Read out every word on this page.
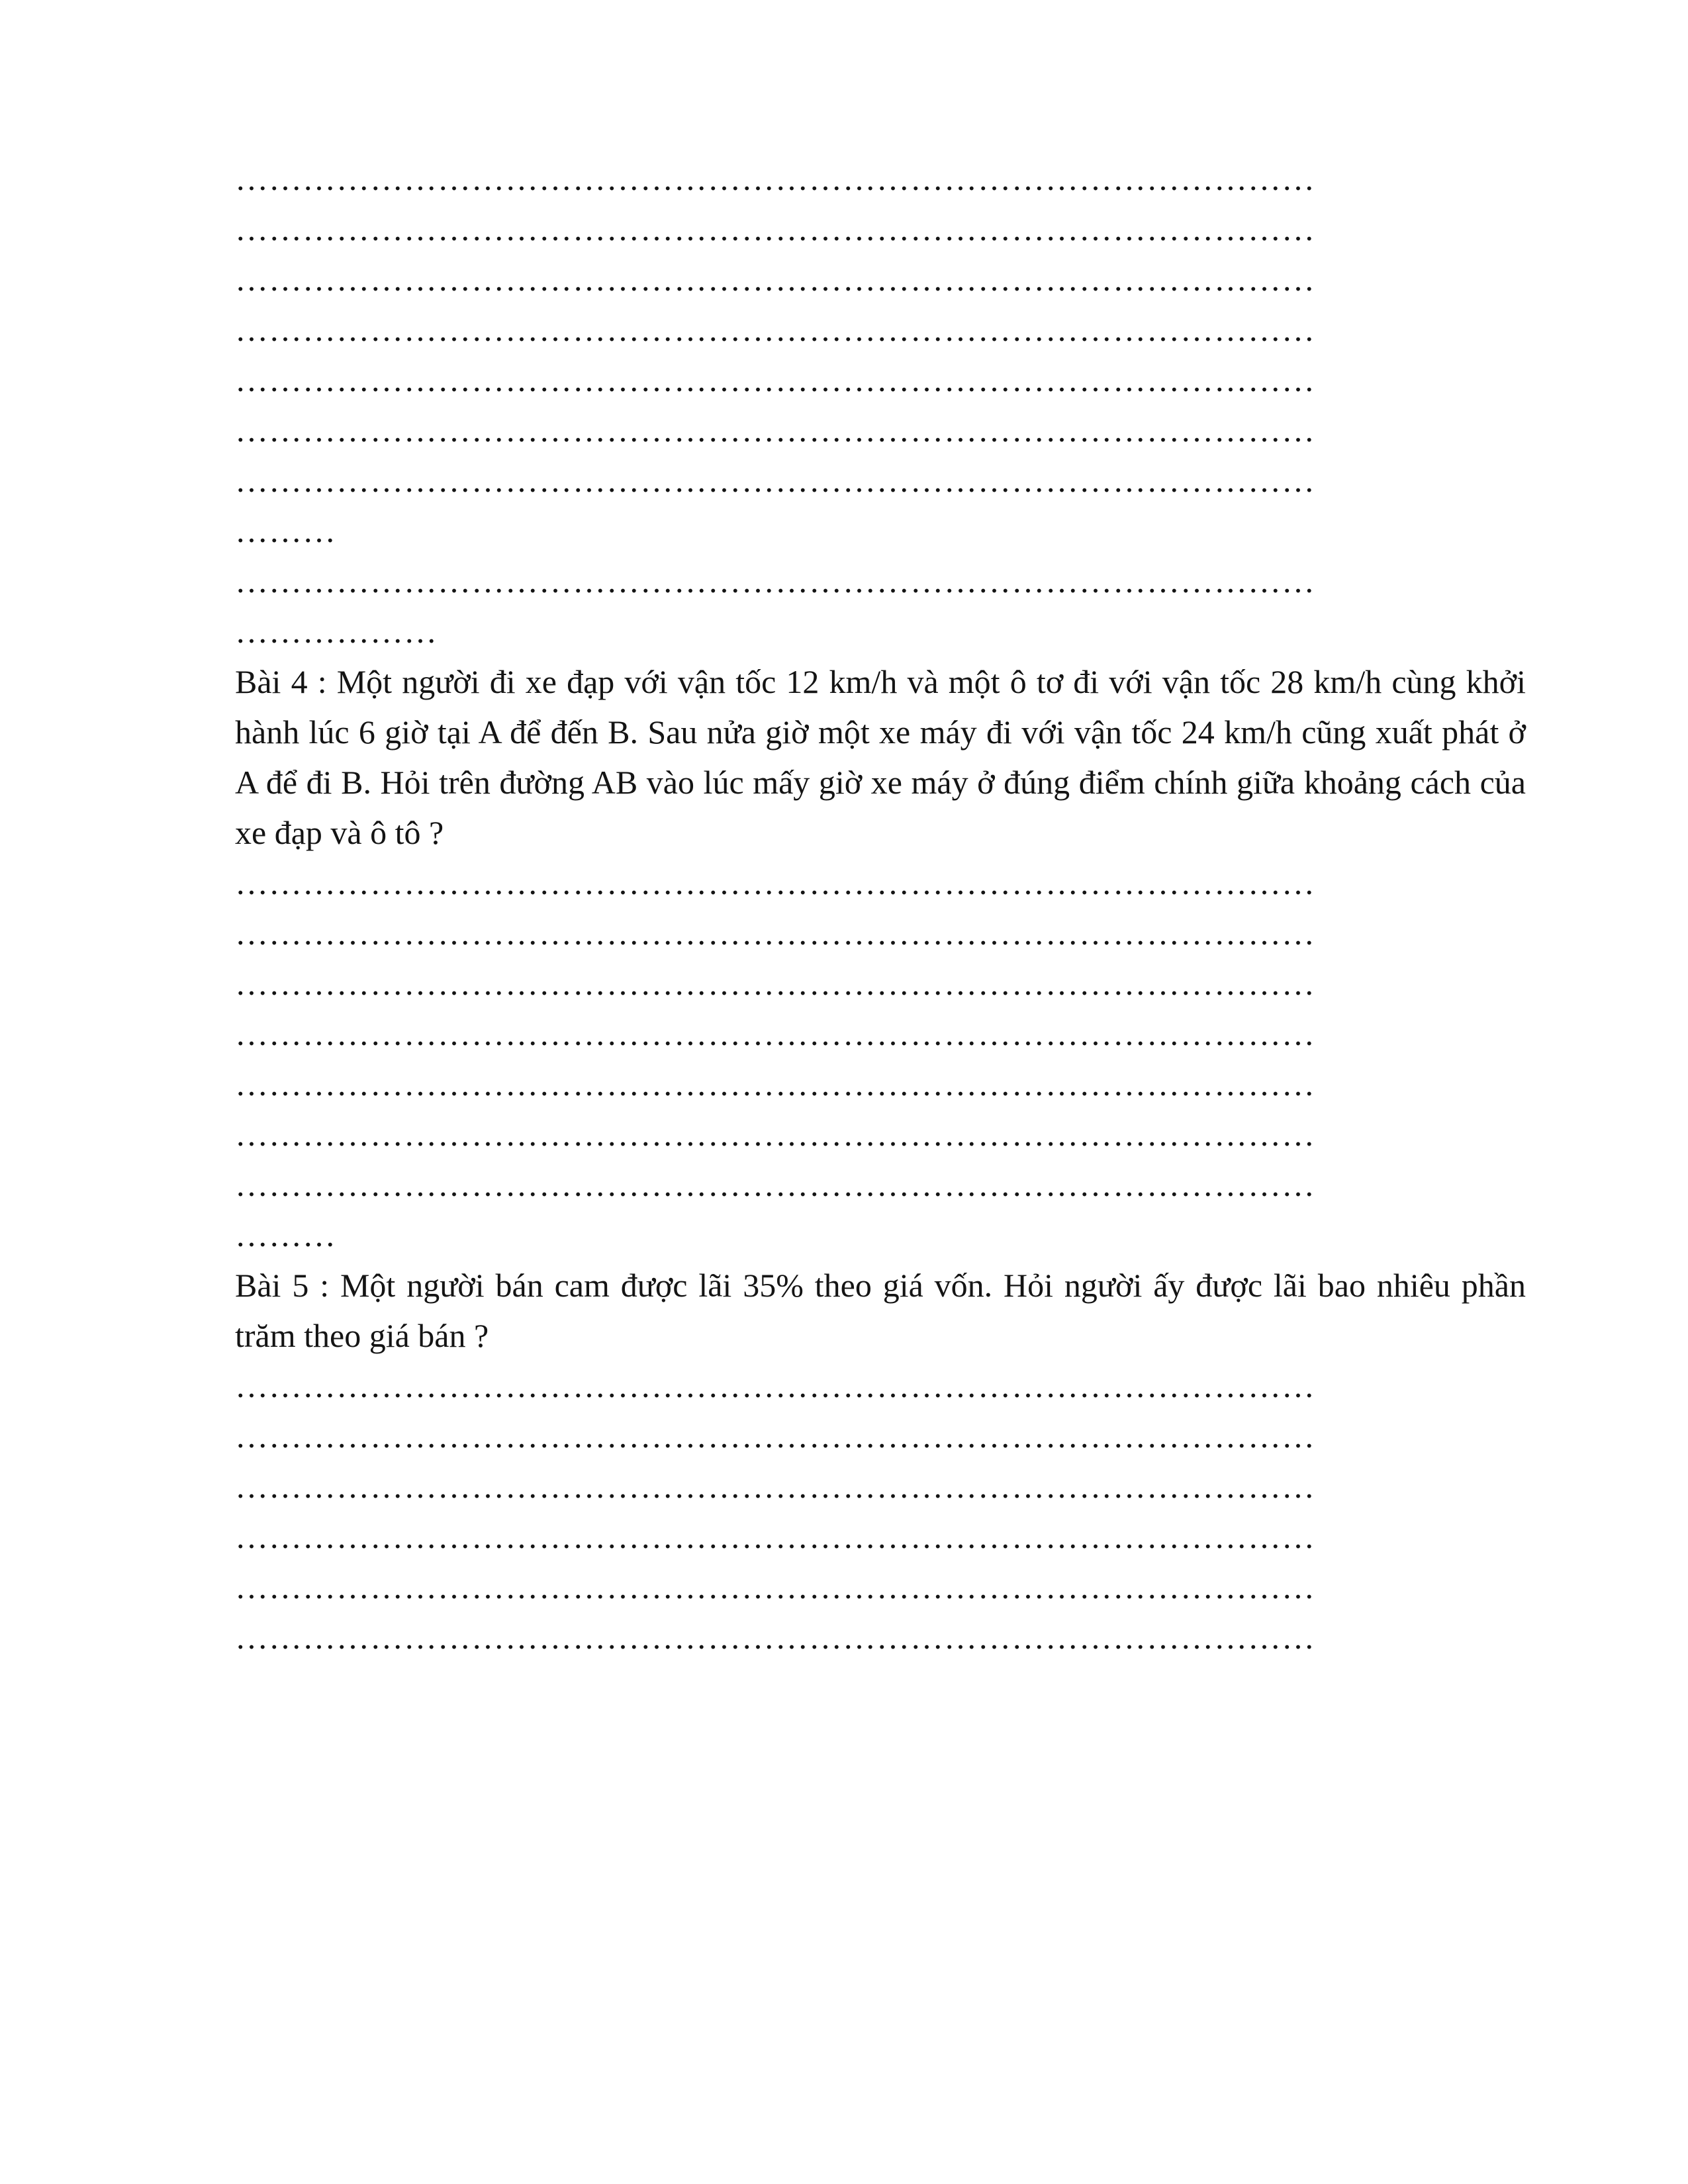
……………………………………………………………………………………
……………………………………………………………………………………
……………………………………………………………………………………
……………………………………………………………………………………
……………………………………………………………………………………
……………………………………………………………………………………
……………………………………………………………………………………
………
……………………………………………………………………………………
………………
Bài 4 : Một người đi xe đạp với vận tốc 12 km/h và một ô tơ đi với vận tốc 28 km/h cùng khởi hành lúc 6 giờ tại A để đến B. Sau nửa giờ một xe máy đi với vận tốc 24 km/h cũng xuất phát ở A để đi B. Hỏi trên đường AB vào lúc mấy giờ xe máy ở đúng điểm chính giữa khoảng cách của xe đạp và ô tô ?
……………………………………………………………………………………
……………………………………………………………………………………
……………………………………………………………………………………
……………………………………………………………………………………
……………………………………………………………………………………
……………………………………………………………………………………
……………………………………………………………………………………
………
Bài 5 : Một người bán cam được lãi 35% theo giá vốn. Hỏi người ấy được lãi bao nhiêu phần trăm theo giá bán ?
……………………………………………………………………………………
……………………………………………………………………………………
……………………………………………………………………………………
……………………………………………………………………………………
……………………………………………………………………………………
……………………………………………………………………………………
